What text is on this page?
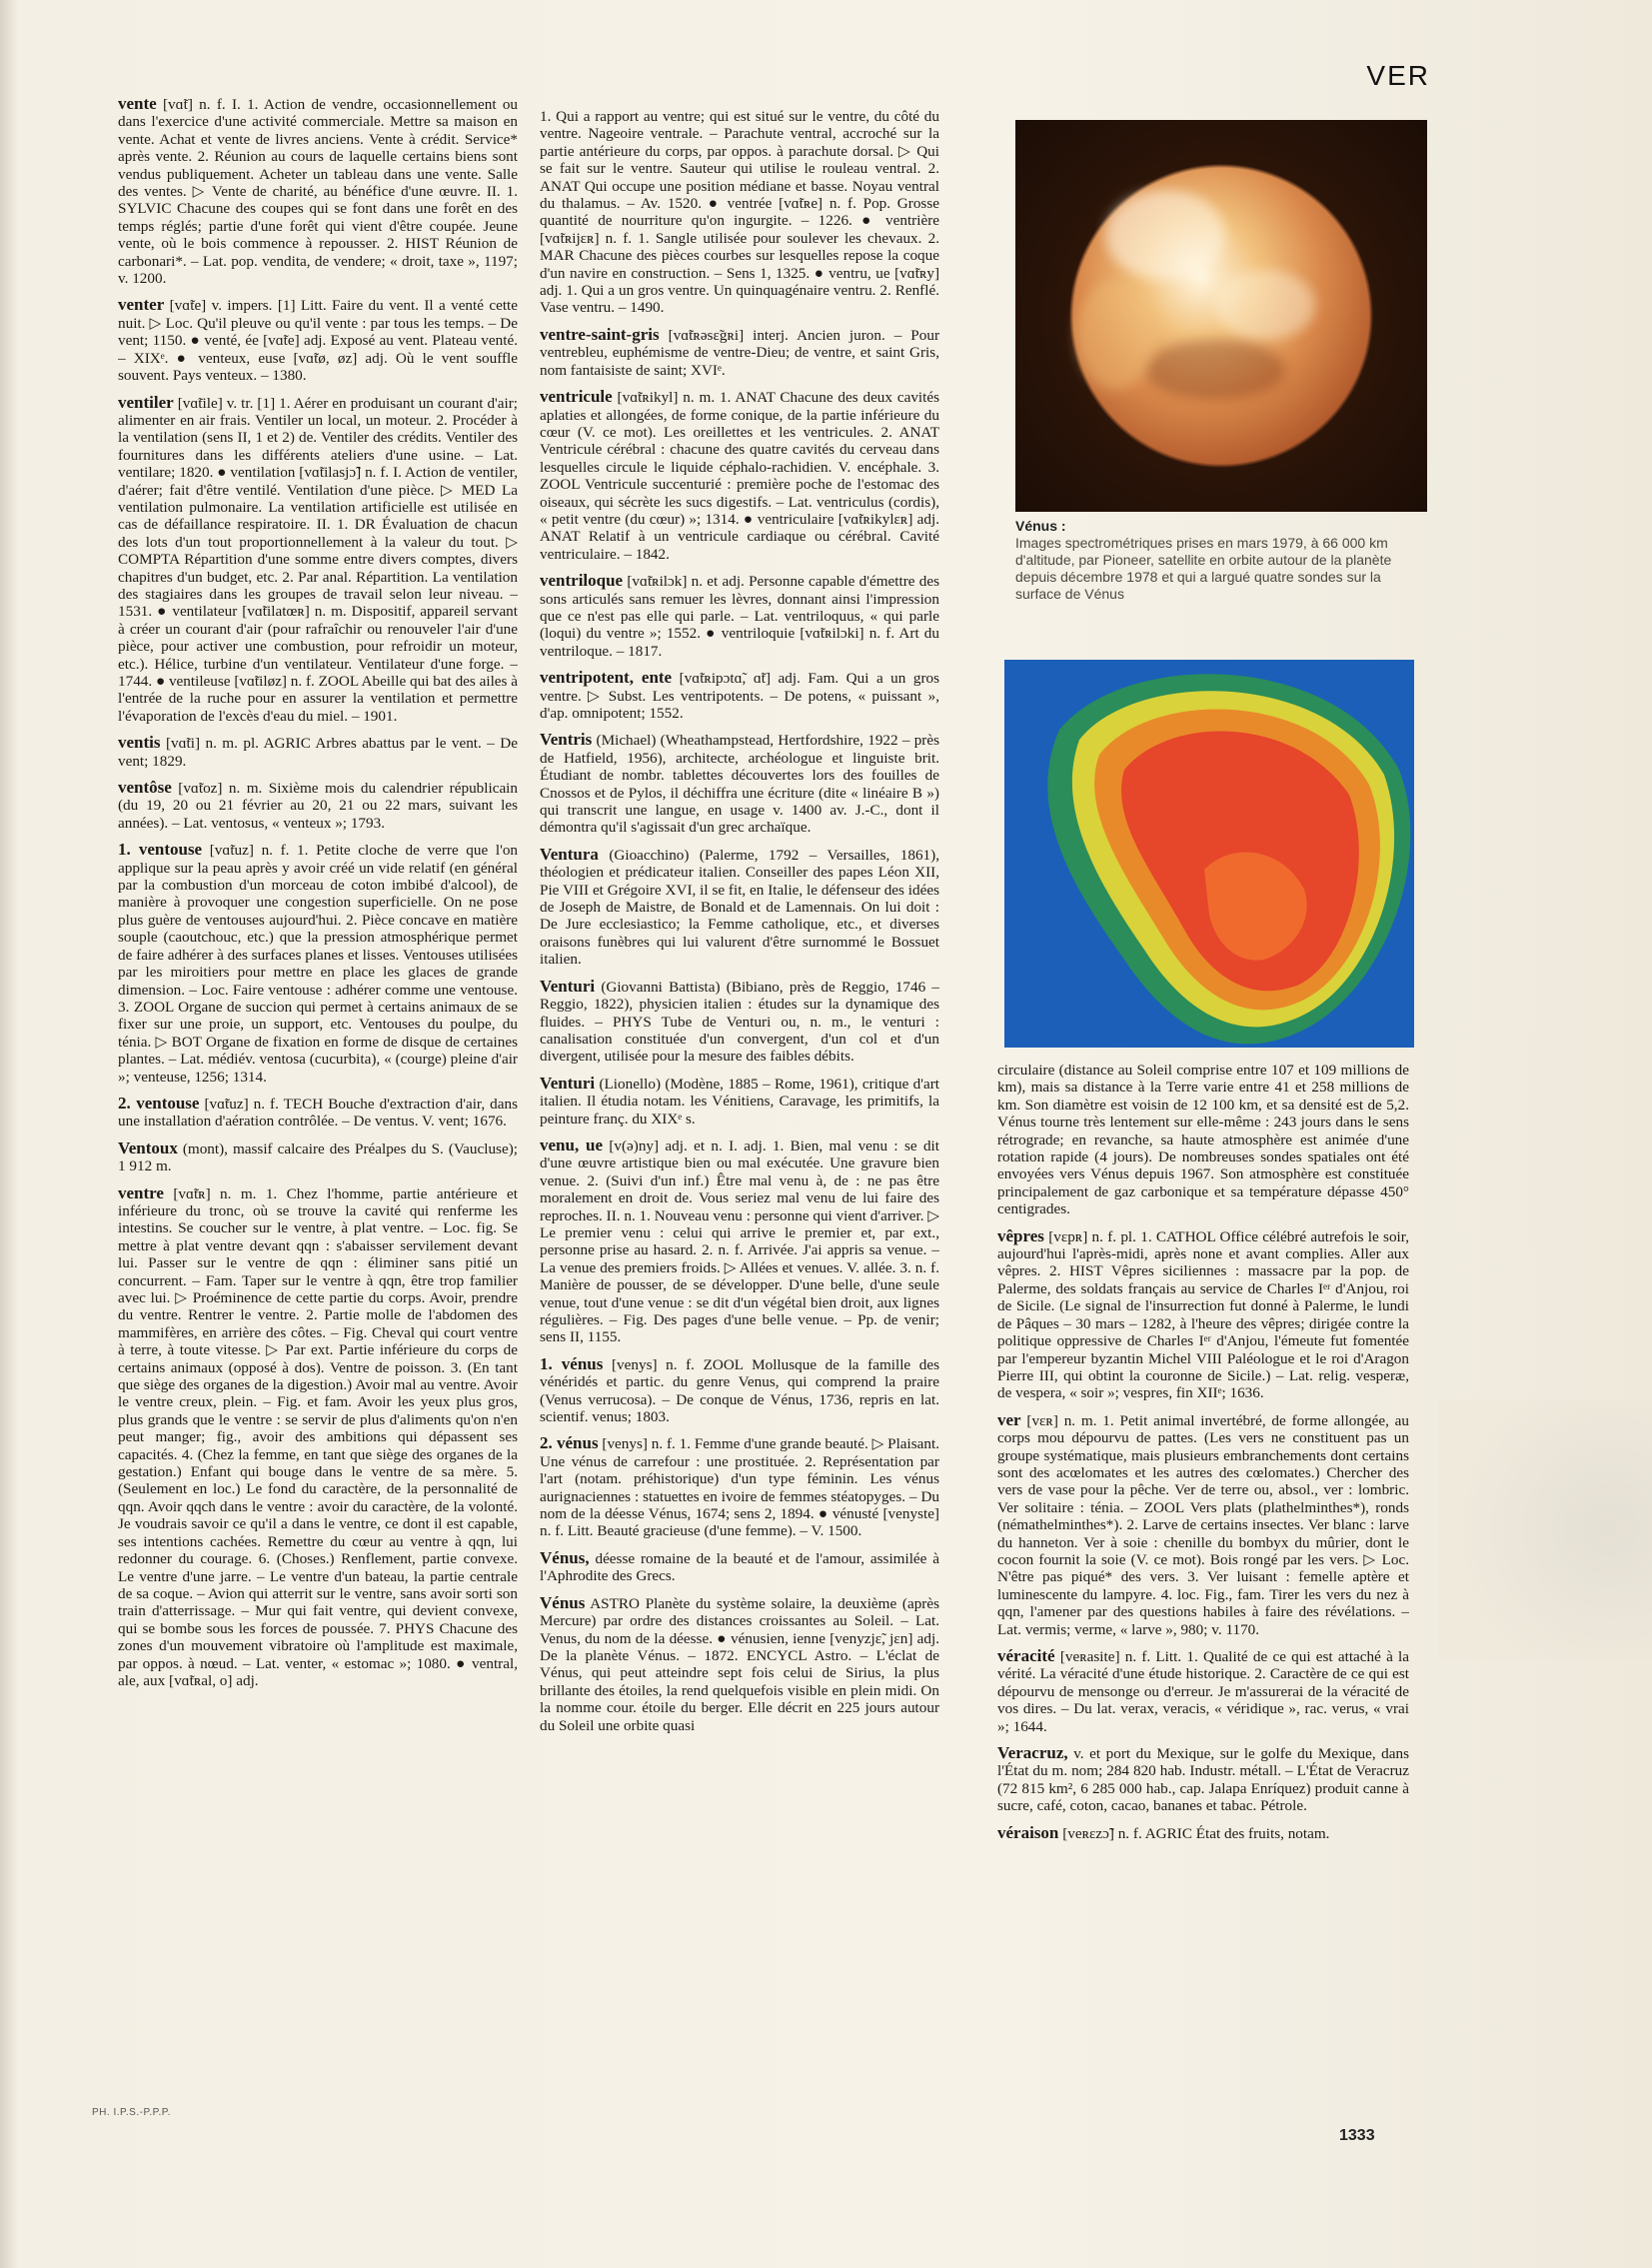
VER

vente [vɑ̃t] n. f. I. 1. Action de vendre, occasionnellement ou dans l'exercice d'une activité commerciale. Mettre sa maison en vente. Achat et vente de livres anciens. Vente à crédit. Service* après vente. 2. Réunion au cours de laquelle certains biens sont vendus publiquement. Acheter un tableau dans une vente. Salle des ventes. ▷ Vente de charité, au bénéfice d'une œuvre. II. 1. SYLVIC Chacune des coupes qui se font dans une forêt en des temps réglés; partie d'une forêt qui vient d'être coupée. Jeune vente, où le bois commence à repousser. 2. HIST Réunion de carbonari*. – Lat. pop. vendita, de vendere; « droit, taxe », 1197; v. 1200.

venter [vɑ̃te] v. impers. [1] Litt. Faire du vent. Il a venté cette nuit. ▷ Loc. Qu'il pleuve ou qu'il vente : par tous les temps. – De vent; 1150. ● venté, ée [vɑ̃te] adj. Exposé au vent. Plateau venté. – XIXᵉ. ● venteux, euse [vɑ̃tø, øz] adj. Où le vent souffle souvent. Pays venteux. – 1380.

ventiler [vɑ̃tile] v. tr. [1] 1. Aérer en produisant un courant d'air; alimenter en air frais. Ventiler un local, un moteur. 2. Procéder à la ventilation (sens II, 1 et 2) de. Ventiler des crédits. Ventiler des fournitures dans les différents ateliers d'une usine. – Lat. ventilare; 1820. ● ventilation [vɑ̃tilasjɔ̃] n. f. I. Action de ventiler, d'aérer; fait d'être ventilé. Ventilation d'une pièce. ▷ MED La ventilation pulmonaire. La ventilation artificielle est utilisée en cas de défaillance respiratoire. II. 1. DR Évaluation de chacun des lots d'un tout proportionnellement à la valeur du tout. ▷ COMPTA Répartition d'une somme entre divers comptes, divers chapitres d'un budget, etc. 2. Par anal. Répartition. La ventilation des stagiaires dans les groupes de travail selon leur niveau. – 1531. ● ventilateur [vɑ̃tilatœʀ] n. m. Dispositif, appareil servant à créer un courant d'air (pour rafraîchir ou renouveler l'air d'une pièce, pour activer une combustion, pour refroidir un moteur, etc.). Hélice, turbine d'un ventilateur. Ventilateur d'une forge. – 1744. ● ventileuse [vɑ̃tiløz] n. f. ZOOL Abeille qui bat des ailes à l'entrée de la ruche pour en assurer la ventilation et permettre l'évaporation de l'excès d'eau du miel. – 1901.

ventis [vɑ̃ti] n. m. pl. AGRIC Arbres abattus par le vent. – De vent; 1829.

ventôse [vɑ̃toz] n. m. Sixième mois du calendrier républicain (du 19, 20 ou 21 février au 20, 21 ou 22 mars, suivant les années). – Lat. ventosus, « venteux »; 1793.

1. ventouse [vɑ̃tuz] n. f. 1. Petite cloche de verre que l'on applique sur la peau après y avoir créé un vide relatif (en général par la combustion d'un morceau de coton imbibé d'alcool), de manière à provoquer une congestion superficielle. On ne pose plus guère de ventouses aujourd'hui. 2. Pièce concave en matière souple (caoutchouc, etc.) que la pression atmosphérique permet de faire adhérer à des surfaces planes et lisses. Ventouses utilisées par les miroitiers pour mettre en place les glaces de grande dimension. – Loc. Faire ventouse : adhérer comme une ventouse. 3. ZOOL Organe de succion qui permet à certains animaux de se fixer sur une proie, un support, etc. Ventouses du poulpe, du ténia. ▷ BOT Organe de fixation en forme de disque de certaines plantes. – Lat. médiév. ventosa (cucurbita), « (courge) pleine d'air »; venteuse, 1256; 1314.

2. ventouse [vɑ̃tuz] n. f. TECH Bouche d'extraction d'air, dans une installation d'aération contrôlée. – De ventus. V. vent; 1676.

Ventoux (mont), massif calcaire des Préalpes du S. (Vaucluse); 1 912 m.

ventre [vɑ̃tʀ] n. m. 1. Chez l'homme, partie antérieure et inférieure du tronc, où se trouve la cavité qui renferme les intestins. Se coucher sur le ventre, à plat ventre. – Loc. fig. Se mettre à plat ventre devant qqn : s'abaisser servilement devant lui. Passer sur le ventre de qqn : éliminer sans pitié un concurrent. – Fam. Taper sur le ventre à qqn, être trop familier avec lui. ▷ Proéminence de cette partie du corps. Avoir, prendre du ventre. Rentrer le ventre. 2. Partie molle de l'abdomen des mammifères, en arrière des côtes. – Fig. Cheval qui court ventre à terre, à toute vitesse. ▷ Par ext. Partie inférieure du corps de certains animaux (opposé à dos). Ventre de poisson. 3. (En tant que siège des organes de la digestion.) Avoir mal au ventre. Avoir le ventre creux, plein. – Fig. et fam. Avoir les yeux plus gros, plus grands que le ventre : se servir de plus d'aliments qu'on n'en peut manger; fig., avoir des ambitions qui dépassent ses capacités. 4. (Chez la femme, en tant que siège des organes de la gestation.) Enfant qui bouge dans le ventre de sa mère. 5. (Seulement en loc.) Le fond du caractère, de la personnalité de qqn. Avoir qqch dans le ventre : avoir du caractère, de la volonté. Je voudrais savoir ce qu'il a dans le ventre, ce dont il est capable, ses intentions cachées. Remettre du cœur au ventre à qqn, lui redonner du courage. 6. (Choses.) Renflement, partie convexe. Le ventre d'une jarre. – Le ventre d'un bateau, la partie centrale de sa coque. – Avion qui atterrit sur le ventre, sans avoir sorti son train d'atterrissage. – Mur qui fait ventre, qui devient convexe, qui se bombe sous les forces de poussée. 7. PHYS Chacune des zones d'un mouvement vibratoire où l'amplitude est maximale, par oppos. à nœud. – Lat. venter, « estomac »; 1080. ● ventral, ale, aux [vɑ̃tʀal, o] adj.

1. Qui a rapport au ventre; qui est situé sur le ventre, du côté du ventre. Nageoire ventrale. – Parachute ventral, accroché sur la partie antérieure du corps, par oppos. à parachute dorsal. ▷ Qui se fait sur le ventre. Sauteur qui utilise le rouleau ventral. 2. ANAT Qui occupe une position médiane et basse. Noyau ventral du thalamus. – Av. 1520. ● ventrée [vɑ̃tʀe] n. f. Pop. Grosse quantité de nourriture qu'on ingurgite. – 1226. ● ventrière [vɑ̃tʀijɛʀ] n. f. 1. Sangle utilisée pour soulever les chevaux. 2. MAR Chacune des pièces courbes sur lesquelles repose la coque d'un navire en construction. – Sens 1, 1325. ● ventru, ue [vɑ̃tʀy] adj. 1. Qui a un gros ventre. Un quinquagénaire ventru. 2. Renflé. Vase ventru. – 1490.

ventre-saint-gris [vɑ̃tʀəsɛ̃gʀi] interj. Ancien juron. – Pour ventrebleu, euphémisme de ventre-Dieu; de ventre, et saint Gris, nom fantaisiste de saint; XVIᵉ.

ventricule [vɑ̃tʀikyl] n. m. 1. ANAT Chacune des deux cavités aplaties et allongées, de forme conique, de la partie inférieure du cœur (V. ce mot). Les oreillettes et les ventricules. 2. ANAT Ventricule cérébral : chacune des quatre cavités du cerveau dans lesquelles circule le liquide céphalo-rachidien. V. encéphale. 3. ZOOL Ventricule succenturié : première poche de l'estomac des oiseaux, qui sécrète les sucs digestifs. – Lat. ventriculus (cordis), « petit ventre (du cœur) »; 1314. ● ventriculaire [vɑ̃tʀikylɛʀ] adj. ANAT Relatif à un ventricule cardiaque ou cérébral. Cavité ventriculaire. – 1842.

ventriloque [vɑ̃tʀilɔk] n. et adj. Personne capable d'émettre des sons articulés sans remuer les lèvres, donnant ainsi l'impression que ce n'est pas elle qui parle. – Lat. ventriloquus, « qui parle (loqui) du ventre »; 1552. ● ventriloquie [vɑ̃tʀilɔki] n. f. Art du ventriloque. – 1817.

ventripotent, ente [vɑ̃tʀipɔtɑ̃, ɑ̃t] adj. Fam. Qui a un gros ventre. ▷ Subst. Les ventripotents. – De potens, « puissant », d'ap. omnipotent; 1552.

Ventris (Michael) (Wheathampstead, Hertfordshire, 1922 – près de Hatfield, 1956), architecte, archéologue et linguiste brit. Étudiant de nombr. tablettes découvertes lors des fouilles de Cnossos et de Pylos, il déchiffra une écriture (dite « linéaire B ») qui transcrit une langue, en usage v. 1400 av. J.-C., dont il démontra qu'il s'agissait d'un grec archaïque.

Ventura (Gioacchino) (Palerme, 1792 – Versailles, 1861), théologien et prédicateur italien. Conseiller des papes Léon XII, Pie VIII et Grégoire XVI, il se fit, en Italie, le défenseur des idées de Joseph de Maistre, de Bonald et de Lamennais. On lui doit : De Jure ecclesiastico; la Femme catholique, etc., et diverses oraisons funèbres qui lui valurent d'être surnommé le Bossuet italien.

Venturi (Giovanni Battista) (Bibiano, près de Reggio, 1746 – Reggio, 1822), physicien italien : études sur la dynamique des fluides. – PHYS Tube de Venturi ou, n. m., le venturi : canalisation constituée d'un convergent, d'un col et d'un divergent, utilisée pour la mesure des faibles débits.

Venturi (Lionello) (Modène, 1885 – Rome, 1961), critique d'art italien. Il étudia notam. les Vénitiens, Caravage, les primitifs, la peinture franç. du XIXᵉ s.

venu, ue [v(ə)ny] adj. et n. I. adj. 1. Bien, mal venu : se dit d'une œuvre artistique bien ou mal exécutée. Une gravure bien venue. 2. (Suivi d'un inf.) Être mal venu à, de : ne pas être moralement en droit de. Vous seriez mal venu de lui faire des reproches. II. n. 1. Nouveau venu : personne qui vient d'arriver. ▷ Le premier venu : celui qui arrive le premier et, par ext., personne prise au hasard. 2. n. f. Arrivée. J'ai appris sa venue. – La venue des premiers froids. ▷ Allées et venues. V. allée. 3. n. f. Manière de pousser, de se développer. D'une belle, d'une seule venue, tout d'une venue : se dit d'un végétal bien droit, aux lignes régulières. – Fig. Des pages d'une belle venue. – Pp. de venir; sens II, 1155.

1. vénus [venys] n. f. ZOOL Mollusque de la famille des vénéridés et partic. du genre Venus, qui comprend la praire (Venus verrucosa). – De conque de Vénus, 1736, repris en lat. scientif. venus; 1803.

2. vénus [venys] n. f. 1. Femme d'une grande beauté. ▷ Plaisant. Une vénus de carrefour : une prostituée. 2. Représentation par l'art (notam. préhistorique) d'un type féminin. Les vénus aurignaciennes : statuettes en ivoire de femmes stéatopyges. – Du nom de la déesse Vénus, 1674; sens 2, 1894. ● vénusté [venyste] n. f. Litt. Beauté gracieuse (d'une femme). – V. 1500.

Vénus, déesse romaine de la beauté et de l'amour, assimilée à l'Aphrodite des Grecs.

Vénus ASTRO Planète du système solaire, la deuxième (après Mercure) par ordre des distances croissantes au Soleil. – Lat. Venus, du nom de la déesse. ● vénusien, ienne [venyzjɛ̃, jɛn] adj. De la planète Vénus. – 1872. ENCYCL Astro. – L'éclat de Vénus, qui peut atteindre sept fois celui de Sirius, la plus brillante des étoiles, la rend quelquefois visible en plein midi. On la nomme cour. étoile du berger. Elle décrit en 225 jours autour du Soleil une orbite quasi

Vénus :
Images spectrométriques prises en mars 1979, à 66 000 km d'altitude, par Pioneer, satellite en orbite autour de la planète depuis décembre 1978 et qui a largué quatre sondes sur la surface de Vénus

circulaire (distance au Soleil comprise entre 107 et 109 millions de km), mais sa distance à la Terre varie entre 41 et 258 millions de km. Son diamètre est voisin de 12 100 km, et sa densité est de 5,2. Vénus tourne très lentement sur elle-même : 243 jours dans le sens rétrograde; en revanche, sa haute atmosphère est animée d'une rotation rapide (4 jours). De nombreuses sondes spatiales ont été envoyées vers Vénus depuis 1967. Son atmosphère est constituée principalement de gaz carbonique et sa température dépasse 450° centigrades.

vêpres [vɛpʀ] n. f. pl. 1. CATHOL Office célébré autrefois le soir, aujourd'hui l'après-midi, après none et avant complies. Aller aux vêpres. 2. HIST Vêpres siciliennes : massacre par la pop. de Palerme, des soldats français au service de Charles Iᵉʳ d'Anjou, roi de Sicile. (Le signal de l'insurrection fut donné à Palerme, le lundi de Pâques – 30 mars – 1282, à l'heure des vêpres; dirigée contre la politique oppressive de Charles Iᵉʳ d'Anjou, l'émeute fut fomentée par l'empereur byzantin Michel VIII Paléologue et le roi d'Aragon Pierre III, qui obtint la couronne de Sicile.) – Lat. relig. vesperæ, de vespera, « soir »; vespres, fin XIIᵉ; 1636.

ver [vɛʀ] n. m. 1. Petit animal invertébré, de forme allongée, au corps mou dépourvu de pattes. (Les vers ne constituent pas un groupe systématique, mais plusieurs embranchements dont certains sont des acœlomates et les autres des cœlomates.) Chercher des vers de vase pour la pêche. Ver de terre ou, absol., ver : lombric. Ver solitaire : ténia. – ZOOL Vers plats (plathelminthes*), ronds (némathelminthes*). 2. Larve de certains insectes. Ver blanc : larve du hanneton. Ver à soie : chenille du bombyx du mûrier, dont le cocon fournit la soie (V. ce mot). Bois rongé par les vers. ▷ Loc. N'être pas piqué* des vers. 3. Ver luisant : femelle aptère et luminescente du lampyre. 4. loc. Fig., fam. Tirer les vers du nez à qqn, l'amener par des questions habiles à faire des révélations. – Lat. vermis; verme, « larve », 980; v. 1170.

véracité [veʀasite] n. f. Litt. 1. Qualité de ce qui est attaché à la vérité. La véracité d'une étude historique. 2. Caractère de ce qui est dépourvu de mensonge ou d'erreur. Je m'assurerai de la véracité de vos dires. – Du lat. verax, veracis, « véridique », rac. verus, « vrai »; 1644.

Veracruz, v. et port du Mexique, sur le golfe du Mexique, dans l'État du m. nom; 284 820 hab. Industr. métall. – L'État de Veracruz (72 815 km², 6 285 000 hab., cap. Jalapa Enríquez) produit canne à sucre, café, coton, cacao, bananes et tabac. Pétrole.

véraison [veʀɛzɔ̃] n. f. AGRIC État des fruits, notam.

PH. I.P.S.-P.P.P.
1333
